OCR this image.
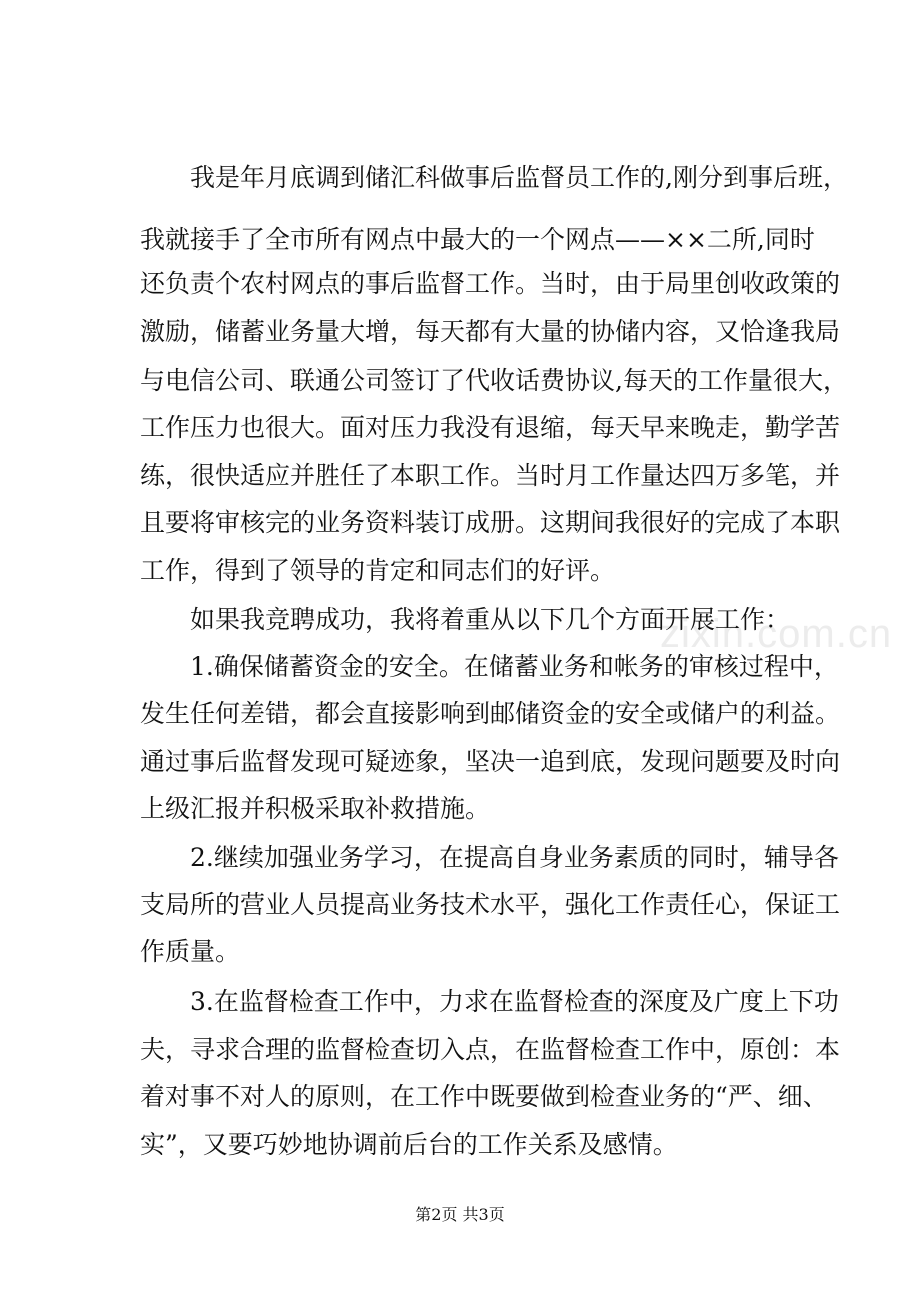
zixin.com.cn
　　我是年月底调到储汇科做事后监督员工作的,刚分到事后班，
我就接手了全市所有网点中最大的一个网点——××二所,同时
还负责个农村网点的事后监督工作。当时，由于局里创收政策的
激励，储蓄业务量大增，每天都有大量的协储内容，又恰逢我局
与电信公司、联通公司签订了代收话费协议,每天的工作量很大，
工作压力也很大。面对压力我没有退缩，每天早来晚走，勤学苦
练，很快适应并胜任了本职工作。当时月工作量达四万多笔，并
且要将审核完的业务资料装订成册。这期间我很好的完成了本职
工作，得到了领导的肯定和同志们的好评。
　　如果我竞聘成功，我将着重从以下几个方面开展工作：
　　1.确保储蓄资金的安全。在储蓄业务和帐务的审核过程中，
发生任何差错，都会直接影响到邮储资金的安全或储户的利益。
通过事后监督发现可疑迹象，坚决一追到底，发现问题要及时向
上级汇报并积极采取补救措施。
　　2.继续加强业务学习，在提高自身业务素质的同时，辅导各
支局所的营业人员提高业务技术水平，强化工作责任心，保证工
作质量。
　　3.在监督检查工作中，力求在监督检查的深度及广度上下功
夫，寻求合理的监督检查切入点，在监督检查工作中，原创：本
着对事不对人的原则，在工作中既要做到检查业务的“严、细、
实”，又要巧妙地协调前后台的工作关系及感情。
第2页 共3页
